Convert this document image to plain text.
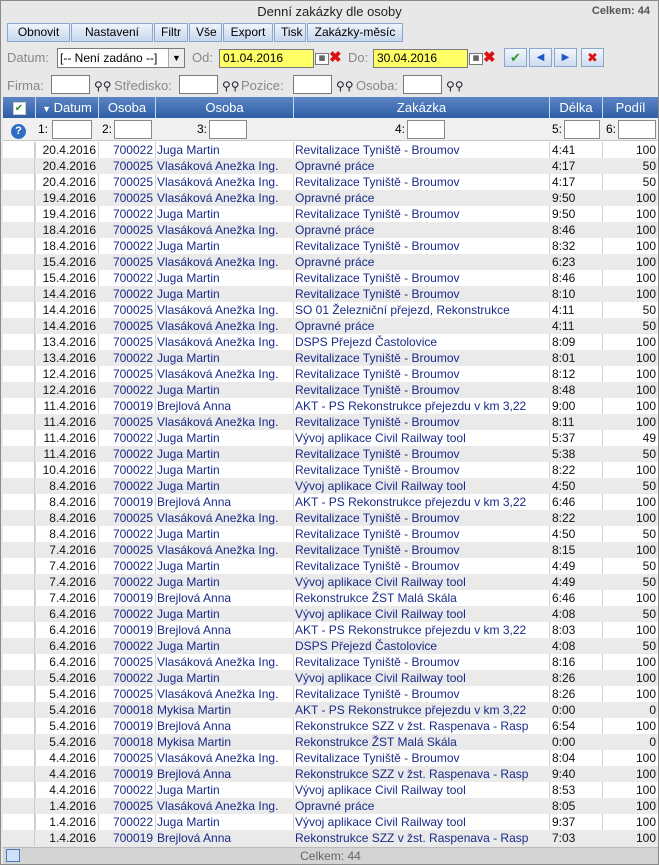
Denní zakázky dle osoby	Celkem: 44
Obnovit	Nastavení	Filtr	Vše	Export	Tisk	Zakázky-měsíc
Datum: [-- Není zadáno --]	▼ Od: 01.04.2016	▦ ✖ Do: 30.04.2016	▦ ✖	✔	◀	▶	✖
Firma:	⚲⚲ Středisko:	⚲⚲ Pozice:	⚲⚲ Osoba:	⚲⚲
✔	▼ Datum	Osoba	Osoba	Zakázka	Délka	Podíl
?	1:	2:	3:	4:	5:	6:
20.4.2016	700022 Juga Martin	Revitalizace Tyniště - Broumov	4:41	100
20.4.2016	700025 Vlasáková Anežka Ing.	Opravné práce	4:17	50
20.4.2016	700025 Vlasáková Anežka Ing.	Revitalizace Tyniště - Broumov	4:17	50
19.4.2016	700025 Vlasáková Anežka Ing.	Opravné práce	9:50	100
19.4.2016	700022 Juga Martin	Revitalizace Tyniště - Broumov	9:50	100
18.4.2016	700025 Vlasáková Anežka Ing.	Opravné práce	8:46	100
18.4.2016	700022 Juga Martin	Revitalizace Tyniště - Broumov	8:32	100
15.4.2016	700025 Vlasáková Anežka Ing.	Opravné práce	6:23	100
15.4.2016	700022 Juga Martin	Revitalizace Tyniště - Broumov	8:46	100
14.4.2016	700022 Juga Martin	Revitalizace Tyniště - Broumov	8:10	100
14.4.2016	700025 Vlasáková Anežka Ing.	SO 01 Železniční přejezd, Rekonstrukce	4:11	50
14.4.2016	700025 Vlasáková Anežka Ing.	Opravné práce	4:11	50
13.4.2016	700025 Vlasáková Anežka Ing.	DSPS Přejezd Častolovice	8:09	100
13.4.2016	700022 Juga Martin	Revitalizace Tyniště - Broumov	8:01	100
12.4.2016	700025 Vlasáková Anežka Ing.	Revitalizace Tyniště - Broumov	8:12	100
12.4.2016	700022 Juga Martin	Revitalizace Tyniště - Broumov	8:48	100
11.4.2016	700019 Brejlová Anna	AKT - PS Rekonstrukce přejezdu v km 3,22	9:00	100
11.4.2016	700025 Vlasáková Anežka Ing.	Revitalizace Tyniště - Broumov	8:11	100
11.4.2016	700022 Juga Martin	Vývoj aplikace Civil Railway tool	5:37	49
11.4.2016	700022 Juga Martin	Revitalizace Tyniště - Broumov	5:38	50
10.4.2016	700022 Juga Martin	Revitalizace Tyniště - Broumov	8:22	100
8.4.2016	700022 Juga Martin	Vývoj aplikace Civil Railway tool	4:50	50
8.4.2016	700019 Brejlová Anna	AKT - PS Rekonstrukce přejezdu v km 3,22	6:46	100
8.4.2016	700025 Vlasáková Anežka Ing.	Revitalizace Tyniště - Broumov	8:22	100
8.4.2016	700022 Juga Martin	Revitalizace Tyniště - Broumov	4:50	50
7.4.2016	700025 Vlasáková Anežka Ing.	Revitalizace Tyniště - Broumov	8:15	100
7.4.2016	700022 Juga Martin	Revitalizace Tyniště - Broumov	4:49	50
7.4.2016	700022 Juga Martin	Vývoj aplikace Civil Railway tool	4:49	50
7.4.2016	700019 Brejlová Anna	Rekonstrukce ŽST Malá Skála	6:46	100
6.4.2016	700022 Juga Martin	Vývoj aplikace Civil Railway tool	4:08	50
6.4.2016	700019 Brejlová Anna	AKT - PS Rekonstrukce přejezdu v km 3,22	8:03	100
6.4.2016	700022 Juga Martin	DSPS Přejezd Častolovice	4:08	50
6.4.2016	700025 Vlasáková Anežka Ing.	Revitalizace Tyniště - Broumov	8:16	100
5.4.2016	700022 Juga Martin	Vývoj aplikace Civil Railway tool	8:26	100
5.4.2016	700025 Vlasáková Anežka Ing.	Revitalizace Tyniště - Broumov	8:26	100
5.4.2016	700018 Mykisa Martin	AKT - PS Rekonstrukce přejezdu v km 3,22	0:00	0
5.4.2016	700019 Brejlová Anna	Rekonstrukce SZZ v žst. Raspenava - Rasp	6:54	100
5.4.2016	700018 Mykisa Martin	Rekonstrukce ŽST Malá Skála	0:00	0
4.4.2016	700025 Vlasáková Anežka Ing.	Revitalizace Tyniště - Broumov	8:04	100
4.4.2016	700019 Brejlová Anna	Rekonstrukce SZZ v žst. Raspenava - Rasp	9:40	100
4.4.2016	700022 Juga Martin	Vývoj aplikace Civil Railway tool	8:53	100
1.4.2016	700025 Vlasáková Anežka Ing.	Opravné práce	8:05	100
1.4.2016	700022 Juga Martin	Vývoj aplikace Civil Railway tool	9:37	100
1.4.2016	700019 Brejlová Anna	Rekonstrukce SZZ v žst. Raspenava - Rasp	7:03	100
Celkem: 44
